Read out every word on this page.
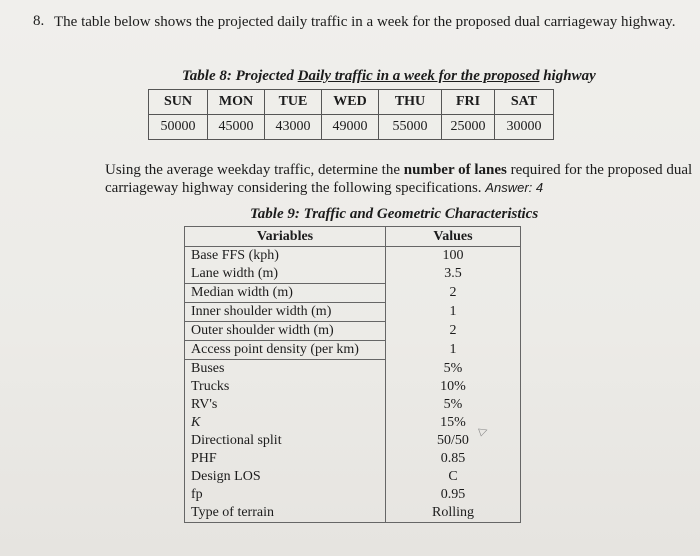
8. The table below shows the projected daily traffic in a week for the proposed dual carriageway highway.
Table 8: Projected Daily traffic in a week for the proposed highway
SUN	MON	TUE	WED	THU	FRI	SAT
50000	45000	43000	49000	55000	25000	30000
Using the average weekday traffic, determine the number of lanes required for the proposed dual carriageway highway considering the following specifications. Answer: 4
Table 9: Traffic and Geometric Characteristics
Variables	Values
Base FFS (kph)	100
Lane width (m)	3.5
Median width (m)	2
Inner shoulder width (m)	1
Outer shoulder width (m)	2
Access point density (per km)	1
Buses	5%
Trucks	10%
RV's	5%
K	15%
Directional split	50/50
PHF	0.85
Design LOS	C
fp	0.95
Type of terrain	Rolling
▷
